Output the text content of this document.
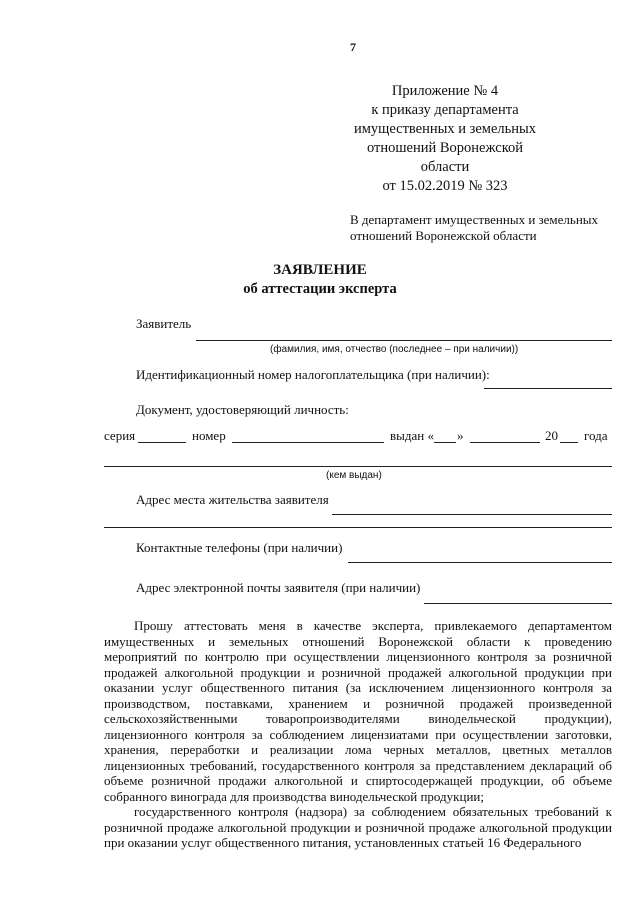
7
Приложение № 4
к приказу департамента
имущественных и земельных
отношений Воронежской
области
от 15.02.2019 № 323
В департамент имущественных и земельных
отношений Воронежской области
ЗАЯВЛЕНИЕ
об аттестации эксперта
Заявитель
(фамилия, имя, отчество (последнее – при наличии))
Идентификационный номер налогоплательщика (при наличии):
Документ, удостоверяющий личность:
серия	номер	выдан « »	20 года
(кем выдан)
Адрес места жительства заявителя
Контактные телефоны (при наличии)
Адрес электронной почты заявителя (при наличии)

Прошу аттестовать меня в качестве эксперта, привлекаемого департаментом имущественных и земельных отношений Воронежской области к проведению мероприятий по контролю при осуществлении лицензионного контроля за розничной продажей алкогольной продукции и розничной продажей алкогольной продукции при оказании услуг общественного питания (за исключением лицензионного контроля за производством, поставками, хранением и розничной продажей произведенной сельскохозяйственными товаропроизводителями винодельческой продукции), лицензионного контроля за соблюдением лицензиатами при осуществлении заготовки, хранения, переработки и реализации лома черных металлов, цветных металлов лицензионных требований, государственного контроля за представлением деклараций об объеме розничной продажи алкогольной и спиртосодержащей продукции, об объеме собранного винограда для производства винодельческой продукции;

государственного контроля (надзора) за соблюдением обязательных требований к розничной продаже алкогольной продукции и розничной продаже алкогольной продукции при оказании услуг общественного питания, установленных статьей 16 Федерального
